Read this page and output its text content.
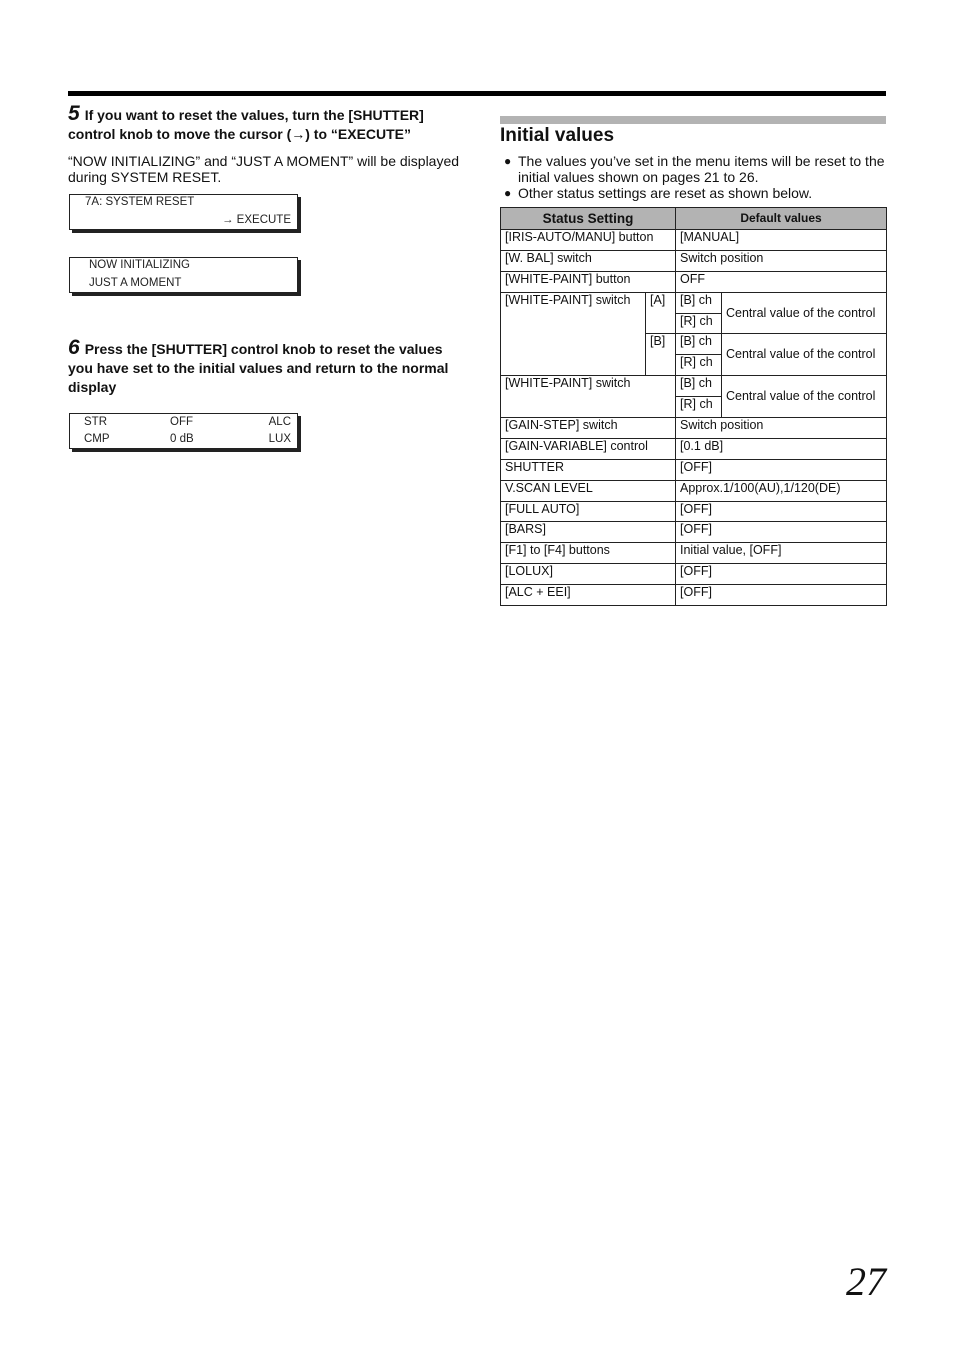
5 If you want to reset the values, turn the [SHUTTER] control knob to move the cursor (→) to “EXECUTE”
“NOW INITIALIZING” and “JUST A MOMENT” will be displayed during SYSTEM RESET.
7A: SYSTEM RESET
→ EXECUTE
NOW INITIALIZING
JUST A MOMENT
6 Press the [SHUTTER] control knob to reset the values you have set to the initial values and return to the normal display
STR	OFF	ALC
CMP	0 dB	LUX
Initial values
● The values you’ve set in the menu items will be reset to the initial values shown on pages 21 to 26.
● Other status settings are reset as shown below.
Status Setting		Default values	
[IRIS-AUTO/MANU] button		[MANUAL]	
[W. BAL] switch		Switch position	
[WHITE-PAINT] button		OFF	
[WHITE-PAINT] switch	[A]	[B] ch	Central value of the control
		[R] ch	
	[B]	[B] ch	Central value of the control
		[R] ch	
[WHITE-PAINT] switch		[B] ch	Central value of the control
		[R] ch	
[GAIN-STEP] switch		Switch position	
[GAIN-VARIABLE] control		[0.1 dB]	
SHUTTER		[OFF]	
V.SCAN LEVEL		Approx.1/100(AU),1/120(DE)	
[FULL AUTO]		[OFF]	
[BARS]		[OFF]	
[F1] to [F4] buttons		Initial value, [OFF]	
[LOLUX]		[OFF]	
[ALC + EEI]		[OFF]	
27
